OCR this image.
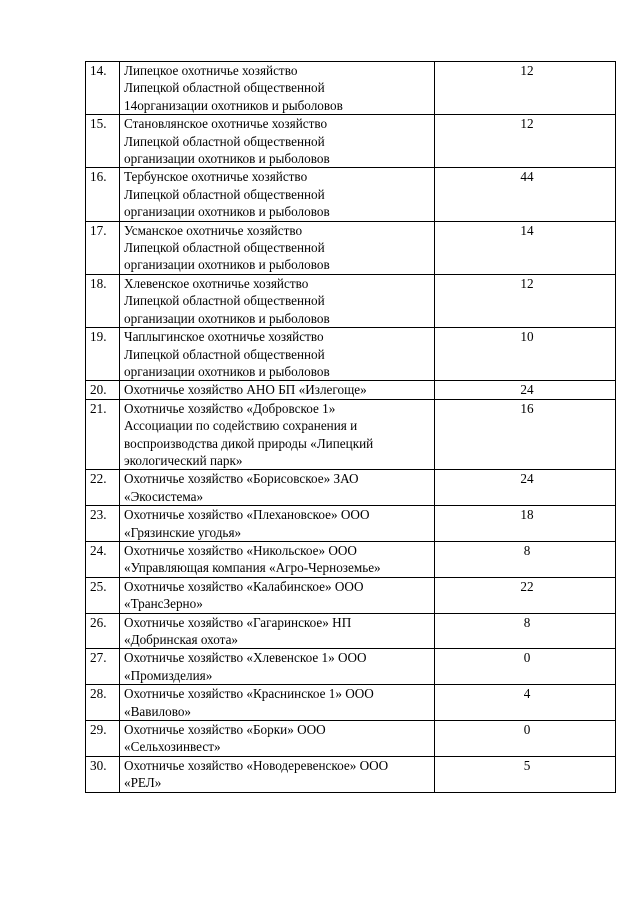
14.	Липецкое охотничье хозяйство
Липецкой областной общественной
14организации охотников и рыболовов	12
15.	Становлянское охотничье хозяйство
Липецкой областной общественной
организации охотников и рыболовов	12
16.	Тербунское охотничье хозяйство
Липецкой областной общественной
организации охотников и рыболовов	44
17.	Усманское охотничье хозяйство
Липецкой областной общественной
организации охотников и рыболовов	14
18.	Хлевенское охотничье хозяйство
Липецкой областной общественной
организации охотников и рыболовов	12
19.	Чаплыгинское охотничье хозяйство
Липецкой областной общественной
организации охотников и рыболовов	10
20.	Охотничье хозяйство АНО БП «Излегоще»	24
21.	Охотничье хозяйство «Добровское 1»
Ассоциации по содействию сохранения и
воспроизводства дикой природы «Липецкий
экологический парк»	16
22.	Охотничье хозяйство «Борисовское» ЗАО
«Экосистема»	24
23.	Охотничье хозяйство «Плехановское» ООО
«Грязинские угодья»	18
24.	Охотничье хозяйство «Никольское» ООО
«Управляющая компания «Агро-Черноземье»	8
25.	Охотничье хозяйство «Калабинское» ООО
«ТрансЗерно»	22
26.	Охотничье хозяйство «Гагаринское» НП
«Добринская охота»	8
27.	Охотничье хозяйство «Хлевенское 1» ООО
«Промизделия»	0
28.	Охотничье хозяйство «Краснинское 1» ООО
«Вавилово»	4
29.	Охотничье хозяйство «Борки» ООО
«Сельхозинвест»	0
30.	Охотничье хозяйство «Новодеревенское» ООО
«РЕЛ»	5
